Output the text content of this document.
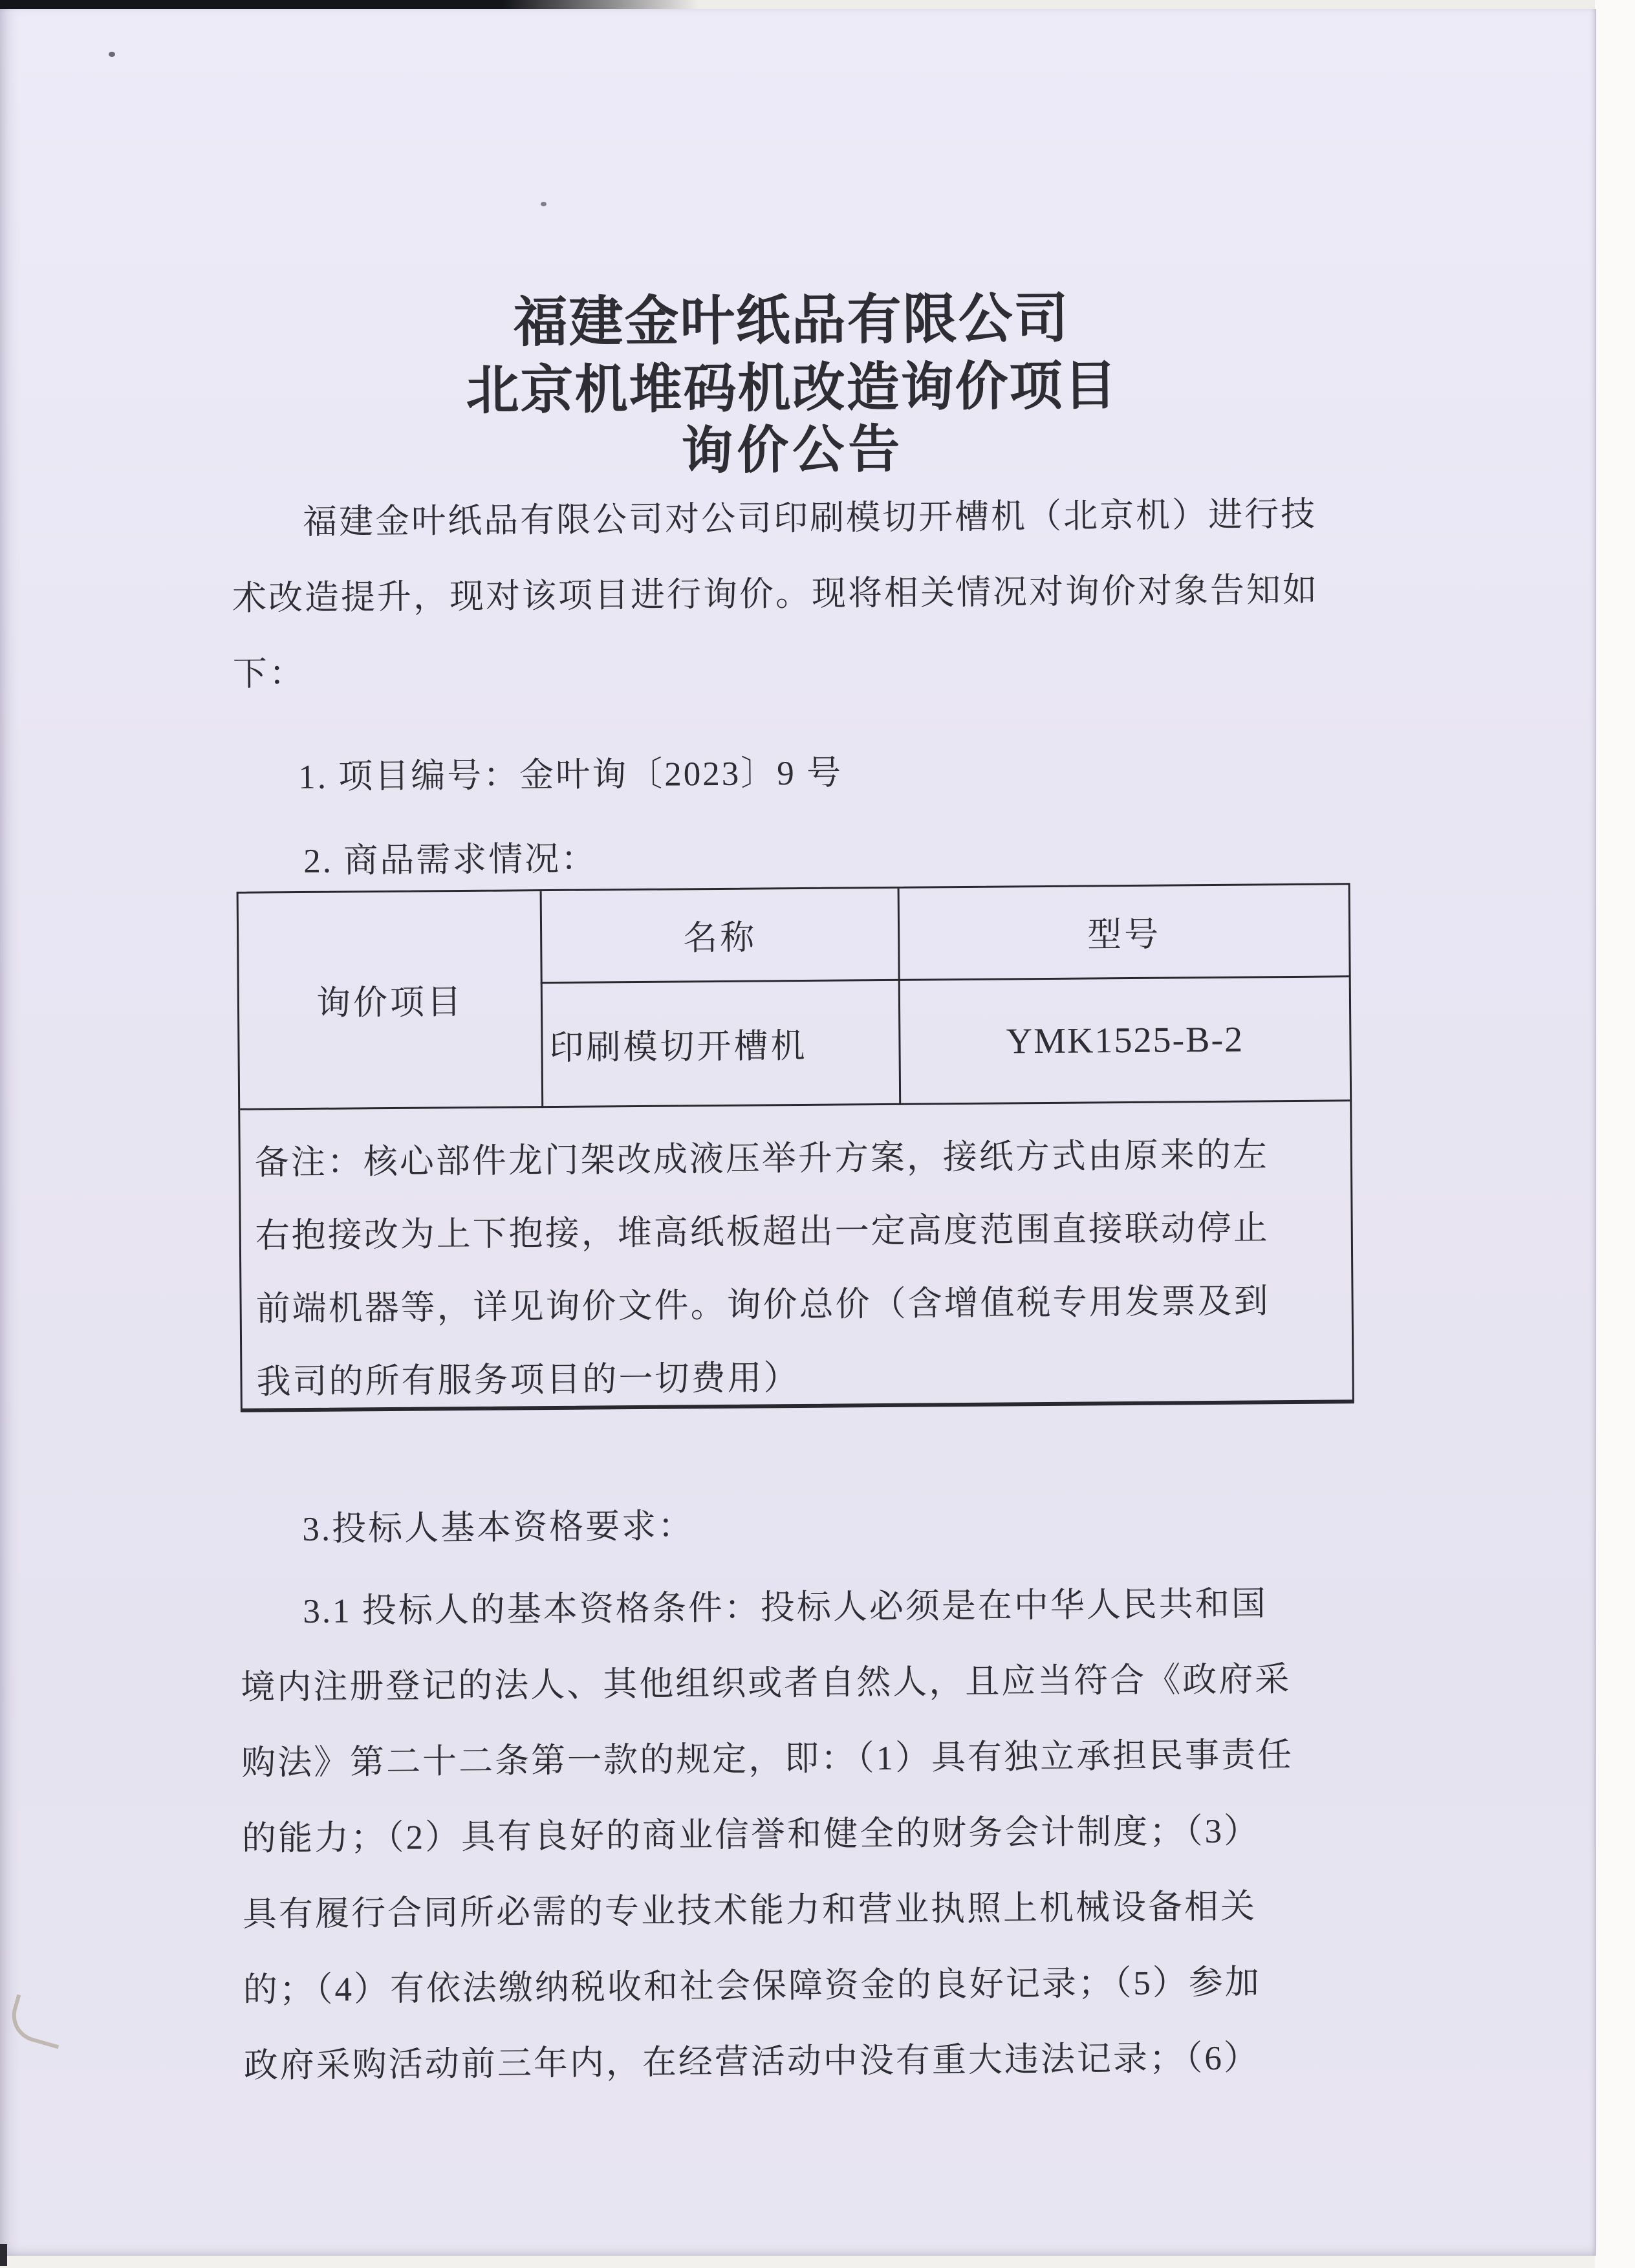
福建金叶纸品有限公司
北京机堆码机改造询价项目
询价公告
福建金叶纸品有限公司对公司印刷模切开槽机（北京机）进行技
术改造提升，现对该项目进行询价。现将相关情况对询价对象告知如
下：
1. 项目编号：金叶询〔2023〕9 号
2. 商品需求情况：
询价项目
名称	型号
印刷模切开槽机	YMK1525-B-2
备注：核心部件龙门架改成液压举升方案，接纸方式由原来的左
右抱接改为上下抱接，堆高纸板超出一定高度范围直接联动停止
前端机器等，详见询价文件。询价总价（含增值税专用发票及到
我司的所有服务项目的一切费用）
3.投标人基本资格要求：
3.1 投标人的基本资格条件：投标人必须是在中华人民共和国
境内注册登记的法人、其他组织或者自然人，且应当符合《政府采
购法》第二十二条第一款的规定，即：（1）具有独立承担民事责任
的能力；（2）具有良好的商业信誉和健全的财务会计制度；（3）
具有履行合同所必需的专业技术能力和营业执照上机械设备相关
的；（4）有依法缴纳税收和社会保障资金的良好记录；（5）参加
政府采购活动前三年内，在经营活动中没有重大违法记录；（6）
